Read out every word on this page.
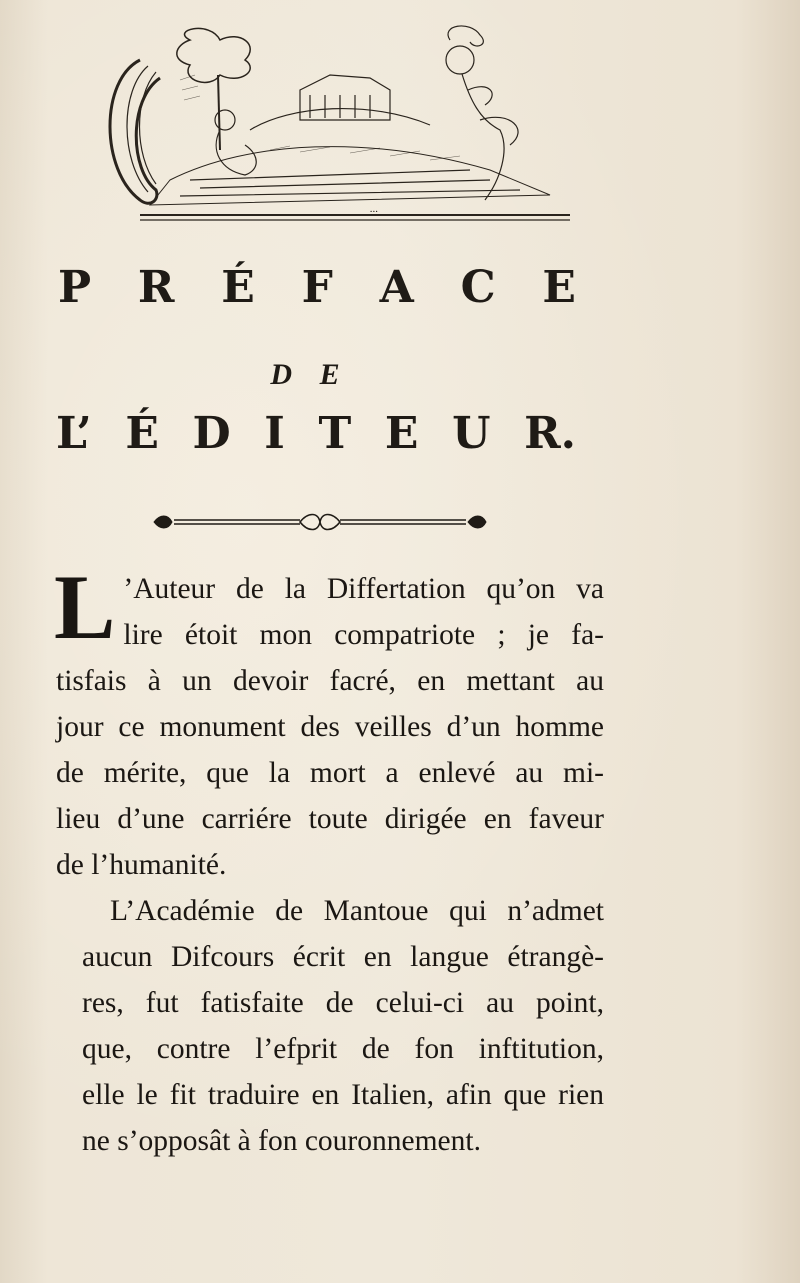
...
P R É F A C E
D E
L’ É D I T E U R.
L ’Auteur de la Differtation qu’on va
lire étoit mon compatriote ; je fa-
tisfais à un devoir facré, en mettant au
jour ce monument des veilles d’un homme
de mérite, que la mort a enlevé au mi-
lieu d’une carriére toute dirigée en faveur
de l’humanité.
L’Académie de Mantoue qui n’admet
aucun Difcours écrit en langue étrangè-
res, fut fatisfaite de celui-ci au point,
que, contre l’efprit de fon inftitution,
elle le fit traduire en Italien, afin que rien
ne s’opposât à fon couronnement.
